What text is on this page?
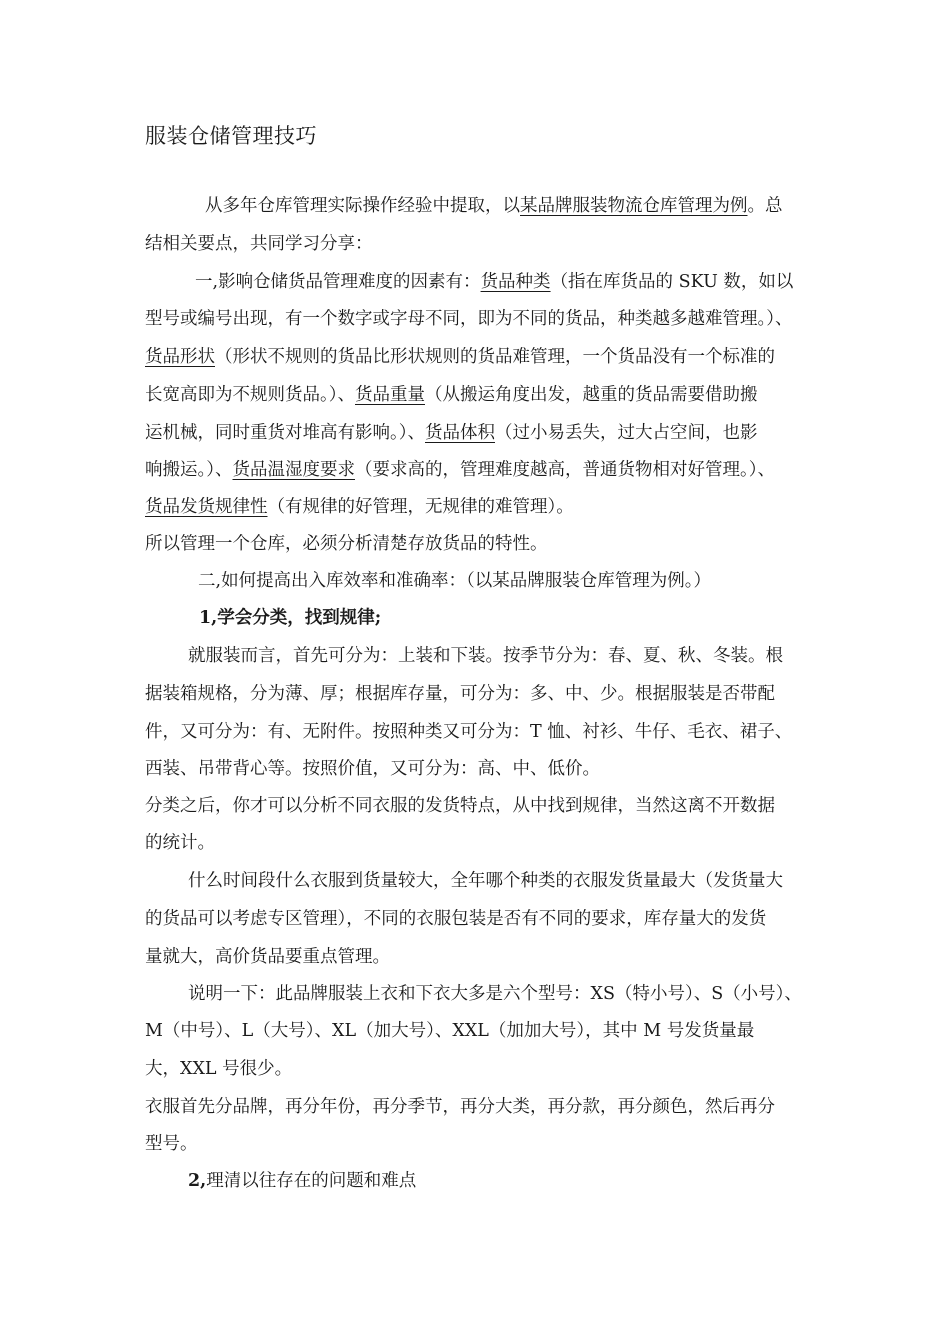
服装仓储管理技巧

从多年仓库管理实际操作经验中提取，以某品牌服装物流仓库管理为例。总

结相关要点，共同学习分享：

一,影响仓储货品管理难度的因素有：货品种类（指在库货品的 SKU 数，如以

型号或编号出现，有一个数字或字母不同，即为不同的货品，种类越多越难管理。）、

货品形状（形状不规则的货品比形状规则的货品难管理，一个货品没有一个标准的

长宽高即为不规则货品。）、货品重量（从搬运角度出发，越重的货品需要借助搬

运机械，同时重货对堆高有影响。）、货品体积（过小易丢失，过大占空间，也影

响搬运。）、货品温湿度要求（要求高的，管理难度越高，普通货物相对好管理。）、

货品发货规律性（有规律的好管理，无规律的难管理）。

所以管理一个仓库，必须分析清楚存放货品的特性。

二,如何提高出入库效率和准确率：（以某品牌服装仓库管理为例。）

1,学会分类，找到规律;

就服装而言，首先可分为：上装和下装。按季节分为：春、夏、秋、冬装。根

据装箱规格，分为薄、厚；根据库存量，可分为：多、中、少。根据服装是否带配

件，又可分为：有、无附件。按照种类又可分为：T 恤、衬衫、牛仔、毛衣、裙子、

西装、吊带背心等。按照价值，又可分为：高、中、低价。

分类之后，你才可以分析不同衣服的发货特点，从中找到规律，当然这离不开数据

的统计。

什么时间段什么衣服到货量较大，全年哪个种类的衣服发货量最大（发货量大

的货品可以考虑专区管理），不同的衣服包装是否有不同的要求，库存量大的发货

量就大，高价货品要重点管理。

说明一下：此品牌服装上衣和下衣大多是六个型号：XS（特小号）、S（小号）、

M（中号）、L（大号）、XL（加大号）、XXL（加加大号），其中 M 号发货量最

大，XXL 号很少。

衣服首先分品牌，再分年份，再分季节，再分大类，再分款，再分颜色，然后再分

型号。

2,理清以往存在的问题和难点
